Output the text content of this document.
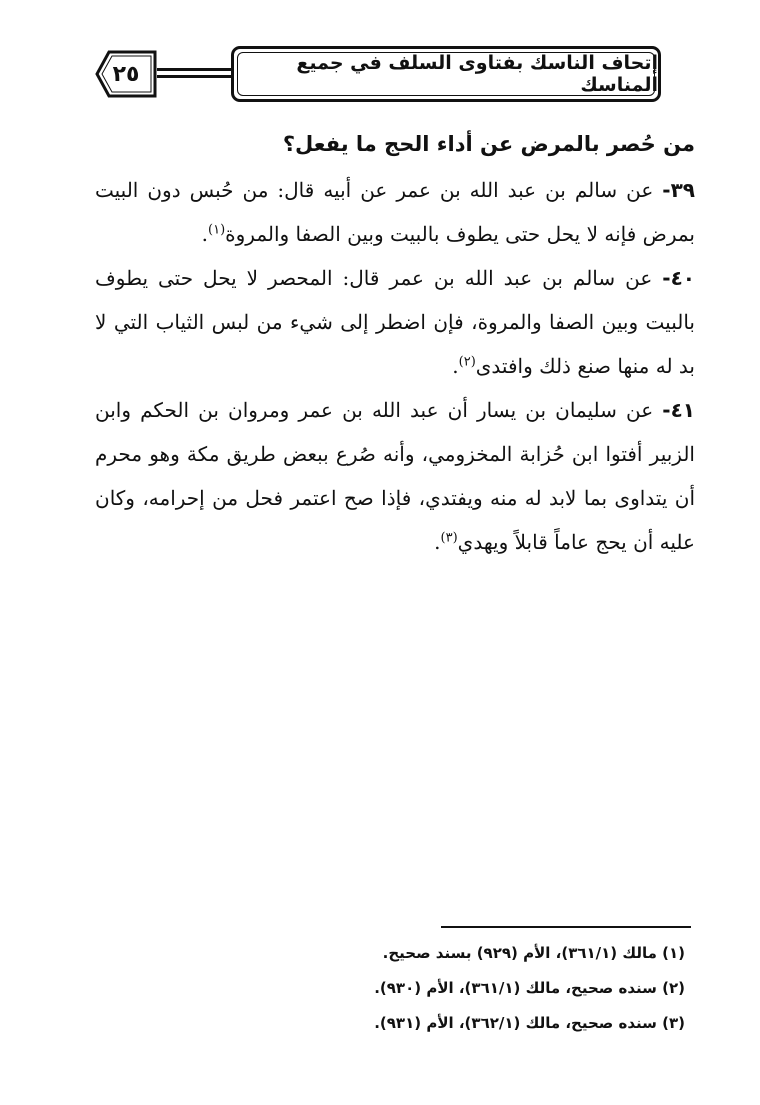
٢٥	إتحاف الناسك بفتاوى السلف في جميع المناسك

من حُصر بالمرض عن أداء الحج ما يفعل؟

٣٩- عن سالم بن عبد الله بن عمر عن أبيه قال: من حُبس دون البيت بمرض فإنه لا يحل حتى يطوف بالبيت وبين الصفا والمروة$^{(١)}$.

٤٠- عن سالم بن عبد الله بن عمر قال: المحصر لا يحل حتى يطوف بالبيت وبين الصفا والمروة، فإن اضطر إلى شيء من لبس الثياب التي لا بد له منها صنع ذلك وافتدى$^{(٢)}$.

٤١- عن سليمان بن يسار أن عبد الله بن عمر ومروان بن الحكم وابن الزبير أفتوا ابن حُزابة المخزومي، وأنه صُرع ببعض طريق مكة وهو محرم أن يتداوى بما لابد له منه ويفتدي، فإذا صح اعتمر فحل من إحرامه، وكان عليه أن يحج عاماً قابلاً ويهدي$^{(٣)}$.

(١) مالك (٣٦١/١)، الأم (٩٢٩) بسند صحيح.

(٢) سنده صحيح، مالك (٣٦١/١)، الأم (٩٣٠).

(٣) سنده صحيح، مالك (٣٦٢/١)، الأم (٩٣١).
